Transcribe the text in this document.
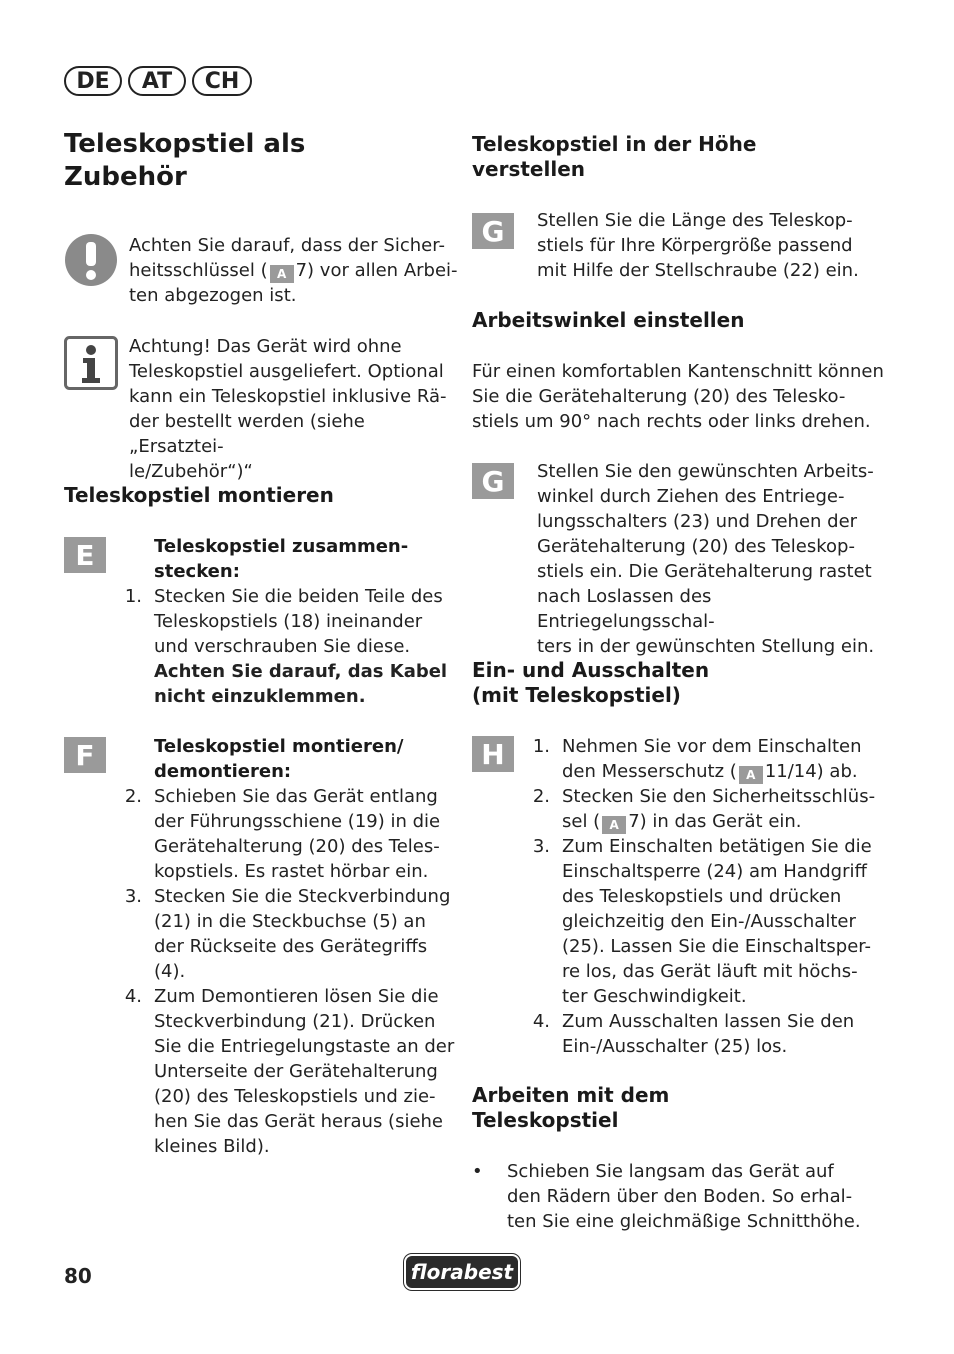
DE	AT	CH
Teleskopstiel als
Zubehör
Achten Sie darauf, dass der Sicher-
heitsschlüssel ( A 7) vor allen Arbei-
ten abgezogen ist.
Achtung! Das Gerät wird ohne
Teleskopstiel ausgeliefert. Optional
kann ein Teleskopstiel inklusive Rä-
der bestellt werden (siehe „Ersatztei-
le/Zubehör“)“
Teleskopstiel montieren
E	Teleskopstiel zusammen-
stecken:
1. Stecken Sie die beiden Teile des
Teleskopstiels (18) ineinander
und verschrauben Sie diese.
Achten Sie darauf, das Kabel
nicht einzuklemmen.
F	Teleskopstiel montieren/
demontieren:
2. Schieben Sie das Gerät entlang
der Führungsschiene (19) in die
Gerätehalterung (20) des Teles-
kopstiels. Es rastet hörbar ein.
3. Stecken Sie die Steckverbindung
(21) in die Steckbuchse (5) an
der Rückseite des Gerätegriffs (4).
4. Zum Demontieren lösen Sie die
Steckverbindung (21). Drücken
Sie die Entriegelungstaste an der
Unterseite der Gerätehalterung
(20) des Teleskopstiels und zie-
hen Sie das Gerät heraus (siehe
kleines Bild).
Teleskopstiel in der Höhe
verstellen
G	Stellen Sie die Länge des Teleskop-
stiels für Ihre Körpergröße passend
mit Hilfe der Stellschraube (22) ein.
Arbeitswinkel einstellen
Für einen komfortablen Kantenschnitt können
Sie die Gerätehalterung (20) des Telesko-
stiels um 90° nach rechts oder links drehen.
G	Stellen Sie den gewünschten Arbeits-
winkel durch Ziehen des Entriege-
lungsschalters (23) und Drehen der
Gerätehalterung (20) des Teleskop-
stiels ein. Die Gerätehalterung rastet
nach Loslassen des Entriegelungsschal-
ters in der gewünschten Stellung ein.
Ein- und Ausschalten
(mit Teleskopstiel)
H	1. Nehmen Sie vor dem Einschalten
den Messerschutz ( A 11/14) ab.
2. Stecken Sie den Sicherheitsschlüs-
sel ( A 7) in das Gerät ein.
3. Zum Einschalten betätigen Sie die
Einschaltsperre (24) am Handgriff
des Teleskopstiels und drücken
gleichzeitig den Ein-/Ausschalter
(25). Lassen Sie die Einschaltsper-
re los, das Gerät läuft mit höchs-
ter Geschwindigkeit.
4. Zum Ausschalten lassen Sie den
Ein-/Ausschalter (25) los.
Arbeiten mit dem
Teleskopstiel
•	Schieben Sie langsam das Gerät auf
den Rädern über den Boden. So erhal-
ten Sie eine gleichmäßige Schnitthöhe.
80	florabest
